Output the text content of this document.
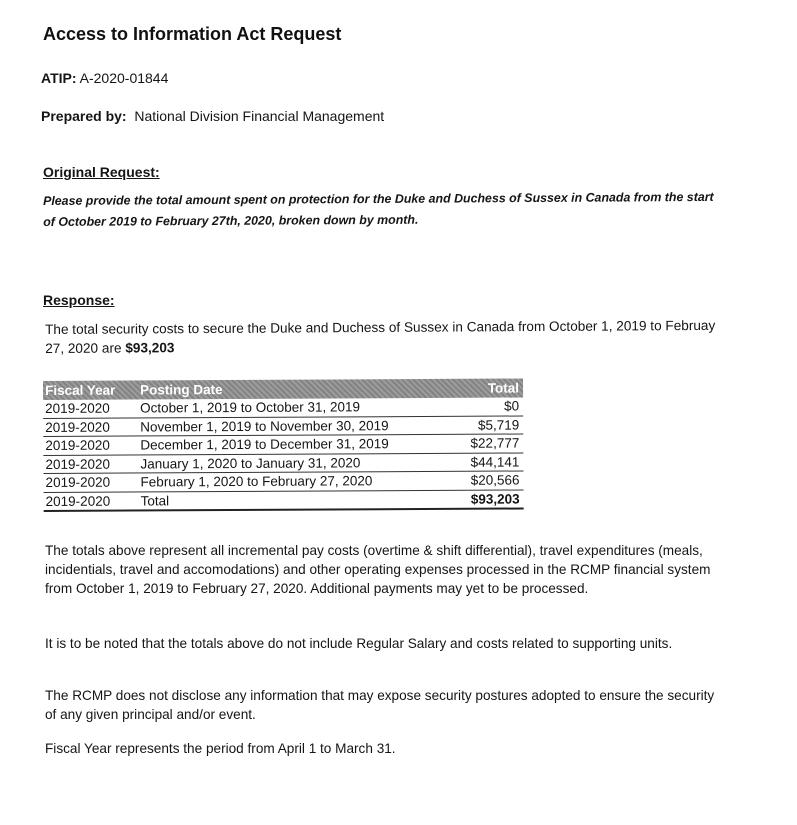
Access to Information Act Request
ATIP: A-2020-01844
Prepared by: National Division Financial Management
Original Request:
Please provide the total amount spent on protection for the Duke and Duchess of Sussex in Canada from the start of October 2019 to February 27th, 2020, broken down by month.
Response:
The total security costs to secure the Duke and Duchess of Sussex in Canada from October 1, 2019 to Februay 27, 2020 are $93,203
Fiscal Year	Posting Date	Total
2019-2020	October 1, 2019 to October 31, 2019	$0
2019-2020	November 1, 2019 to November 30, 2019	$5,719
2019-2020	December 1, 2019 to December 31, 2019	$22,777
2019-2020	January 1, 2020 to January 31, 2020	$44,141
2019-2020	February 1, 2020 to February 27, 2020	$20,566
2019-2020	Total	$93,203
The totals above represent all incremental pay costs (overtime & shift differential), travel expenditures (meals, incidentials, travel and accomodations) and other operating expenses processed in the RCMP financial system from October 1, 2019 to February 27, 2020. Additional payments may yet to be processed.
It is to be noted that the totals above do not include Regular Salary and costs related to supporting units.
The RCMP does not disclose any information that may expose security postures adopted to ensure the security of any given principal and/or event.
Fiscal Year represents the period from April 1 to March 31.
